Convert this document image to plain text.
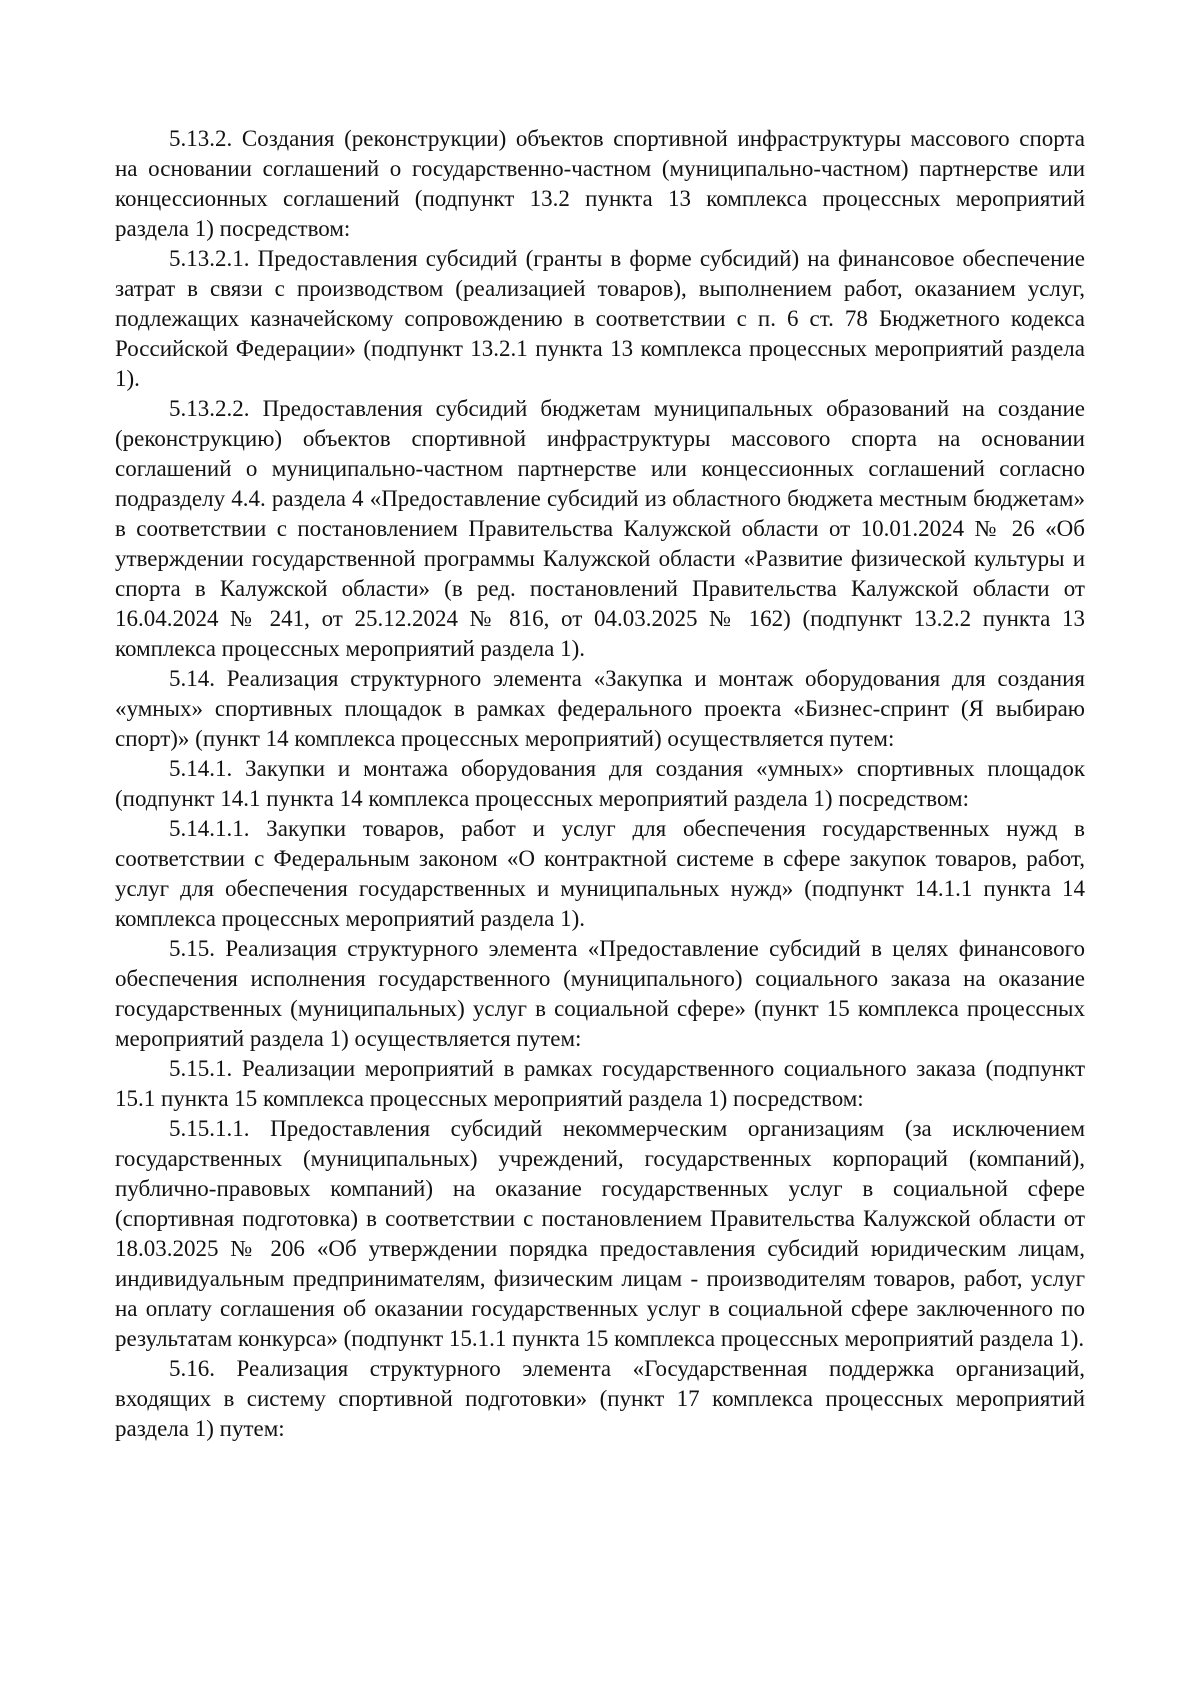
5.13.2. Создания (реконструкции) объектов спортивной инфраструктуры массового спорта на основании соглашений о государственно-частном (муниципально-частном) партнерстве или концессионных соглашений (подпункт 13.2 пункта 13 комплекса процессных мероприятий раздела 1) посредством:

5.13.2.1. Предоставления субсидий (гранты в форме субсидий) на финансовое обеспечение затрат в связи с производством (реализацией товаров), выполнением работ, оказанием услуг, подлежащих казначейскому сопровождению в соответствии с п. 6 ст. 78 Бюджетного кодекса Российской Федерации» (подпункт 13.2.1 пункта 13 комплекса процессных мероприятий раздела 1).

5.13.2.2. Предоставления субсидий бюджетам муниципальных образований на создание (реконструкцию) объектов спортивной инфраструктуры массового спорта на основании соглашений о муниципально-частном партнерстве или концессионных соглашений согласно подразделу 4.4. раздела 4 «Предоставление субсидий из областного бюджета местным бюджетам» в соответствии с постановлением Правительства Калужской области от 10.01.2024 № 26 «Об утверждении государственной программы Калужской области «Развитие физической культуры и спорта в Калужской области» (в ред. постановлений Правительства Калужской области от 16.04.2024 № 241, от 25.12.2024 № 816, от 04.03.2025 № 162) (подпункт 13.2.2 пункта 13 комплекса процессных мероприятий раздела 1).

5.14. Реализация структурного элемента «Закупка и монтаж оборудования для создания «умных» спортивных площадок в рамках федерального проекта «Бизнес-спринт (Я выбираю спорт)» (пункт 14 комплекса процессных мероприятий) осуществляется путем:

5.14.1. Закупки и монтажа оборудования для создания «умных» спортивных площадок (подпункт 14.1 пункта 14 комплекса процессных мероприятий раздела 1) посредством:

5.14.1.1. Закупки товаров, работ и услуг для обеспечения государственных нужд в соответствии с Федеральным законом «О контрактной системе в сфере закупок товаров, работ, услуг для обеспечения государственных и муниципальных нужд» (подпункт 14.1.1 пункта 14 комплекса процессных мероприятий раздела 1).

5.15. Реализация структурного элемента «Предоставление субсидий в целях финансового обеспечения исполнения государственного (муниципального) социального заказа на оказание государственных (муниципальных) услуг в социальной сфере» (пункт 15 комплекса процессных мероприятий раздела 1) осуществляется путем:

5.15.1. Реализации мероприятий в рамках государственного социального заказа (подпункт 15.1 пункта 15 комплекса процессных мероприятий раздела 1) посредством:

5.15.1.1. Предоставления субсидий некоммерческим организациям (за исключением государственных (муниципальных) учреждений, государственных корпораций (компаний), публично-правовых компаний) на оказание государственных услуг в социальной сфере (спортивная подготовка) в соответствии с постановлением Правительства Калужской области от 18.03.2025 № 206 «Об утверждении порядка предоставления субсидий юридическим лицам, индивидуальным предпринимателям, физическим лицам - производителям товаров, работ, услуг на оплату соглашения об оказании государственных услуг в социальной сфере заключенного по результатам конкурса» (подпункт 15.1.1 пункта 15 комплекса процессных мероприятий раздела 1).

5.16. Реализация структурного элемента «Государственная поддержка организаций, входящих в систему спортивной подготовки» (пункт 17 комплекса процессных мероприятий раздела 1) путем:
